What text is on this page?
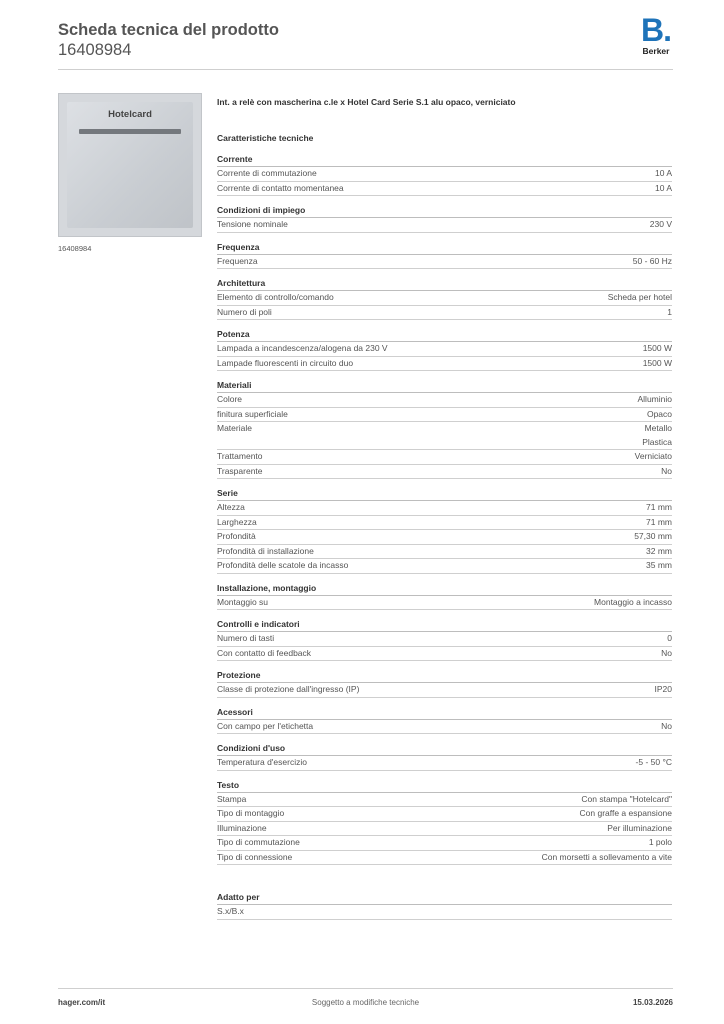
Scheda tecnica del prodotto
16408984
B.
Berker
Hotelcard
16408984
Int. a relè con mascherina c.le x Hotel Card Serie S.1 alu opaco, verniciato
Caratteristiche tecniche
Corrente
Corrente di commutazione	10 A
Corrente di contatto momentanea	10 A
Condizioni di impiego
Tensione nominale	230 V
Frequenza
Frequenza	50 - 60 Hz
Architettura
Elemento di controllo/comando	Scheda per hotel
Numero di poli	1
Potenza
Lampada a incandescenza/alogena da 230 V	1500 W
Lampade fluorescenti in circuito duo	1500 W
Materiali
Colore	Alluminio
finitura superficiale	Opaco
Materiale	Metallo
Plastica
Trattamento	Verniciato
Trasparente	No
Serie
Altezza	71 mm
Larghezza	71 mm
Profondità	57,30 mm
Profondità di installazione	32 mm
Profondità delle scatole da incasso	35 mm
Installazione, montaggio
Montaggio su	Montaggio a incasso
Controlli e indicatori
Numero di tasti	0
Con contatto di feedback	No
Protezione
Classe di protezione dall'ingresso (IP)	IP20
Acessori
Con campo per l'etichetta	No
Condizioni d'uso
Temperatura d'esercizio	-5 - 50 °C
Testo
Stampa	Con stampa "Hotelcard"
Tipo di montaggio	Con graffe a espansione
Illuminazione	Per illuminazione
Tipo di commutazione	1 polo
Tipo di connessione	Con morsetti a sollevamento a vite
Adatto per
S.x/B.x
hager.com/it	Soggetto a modifiche tecniche	15.03.2026
